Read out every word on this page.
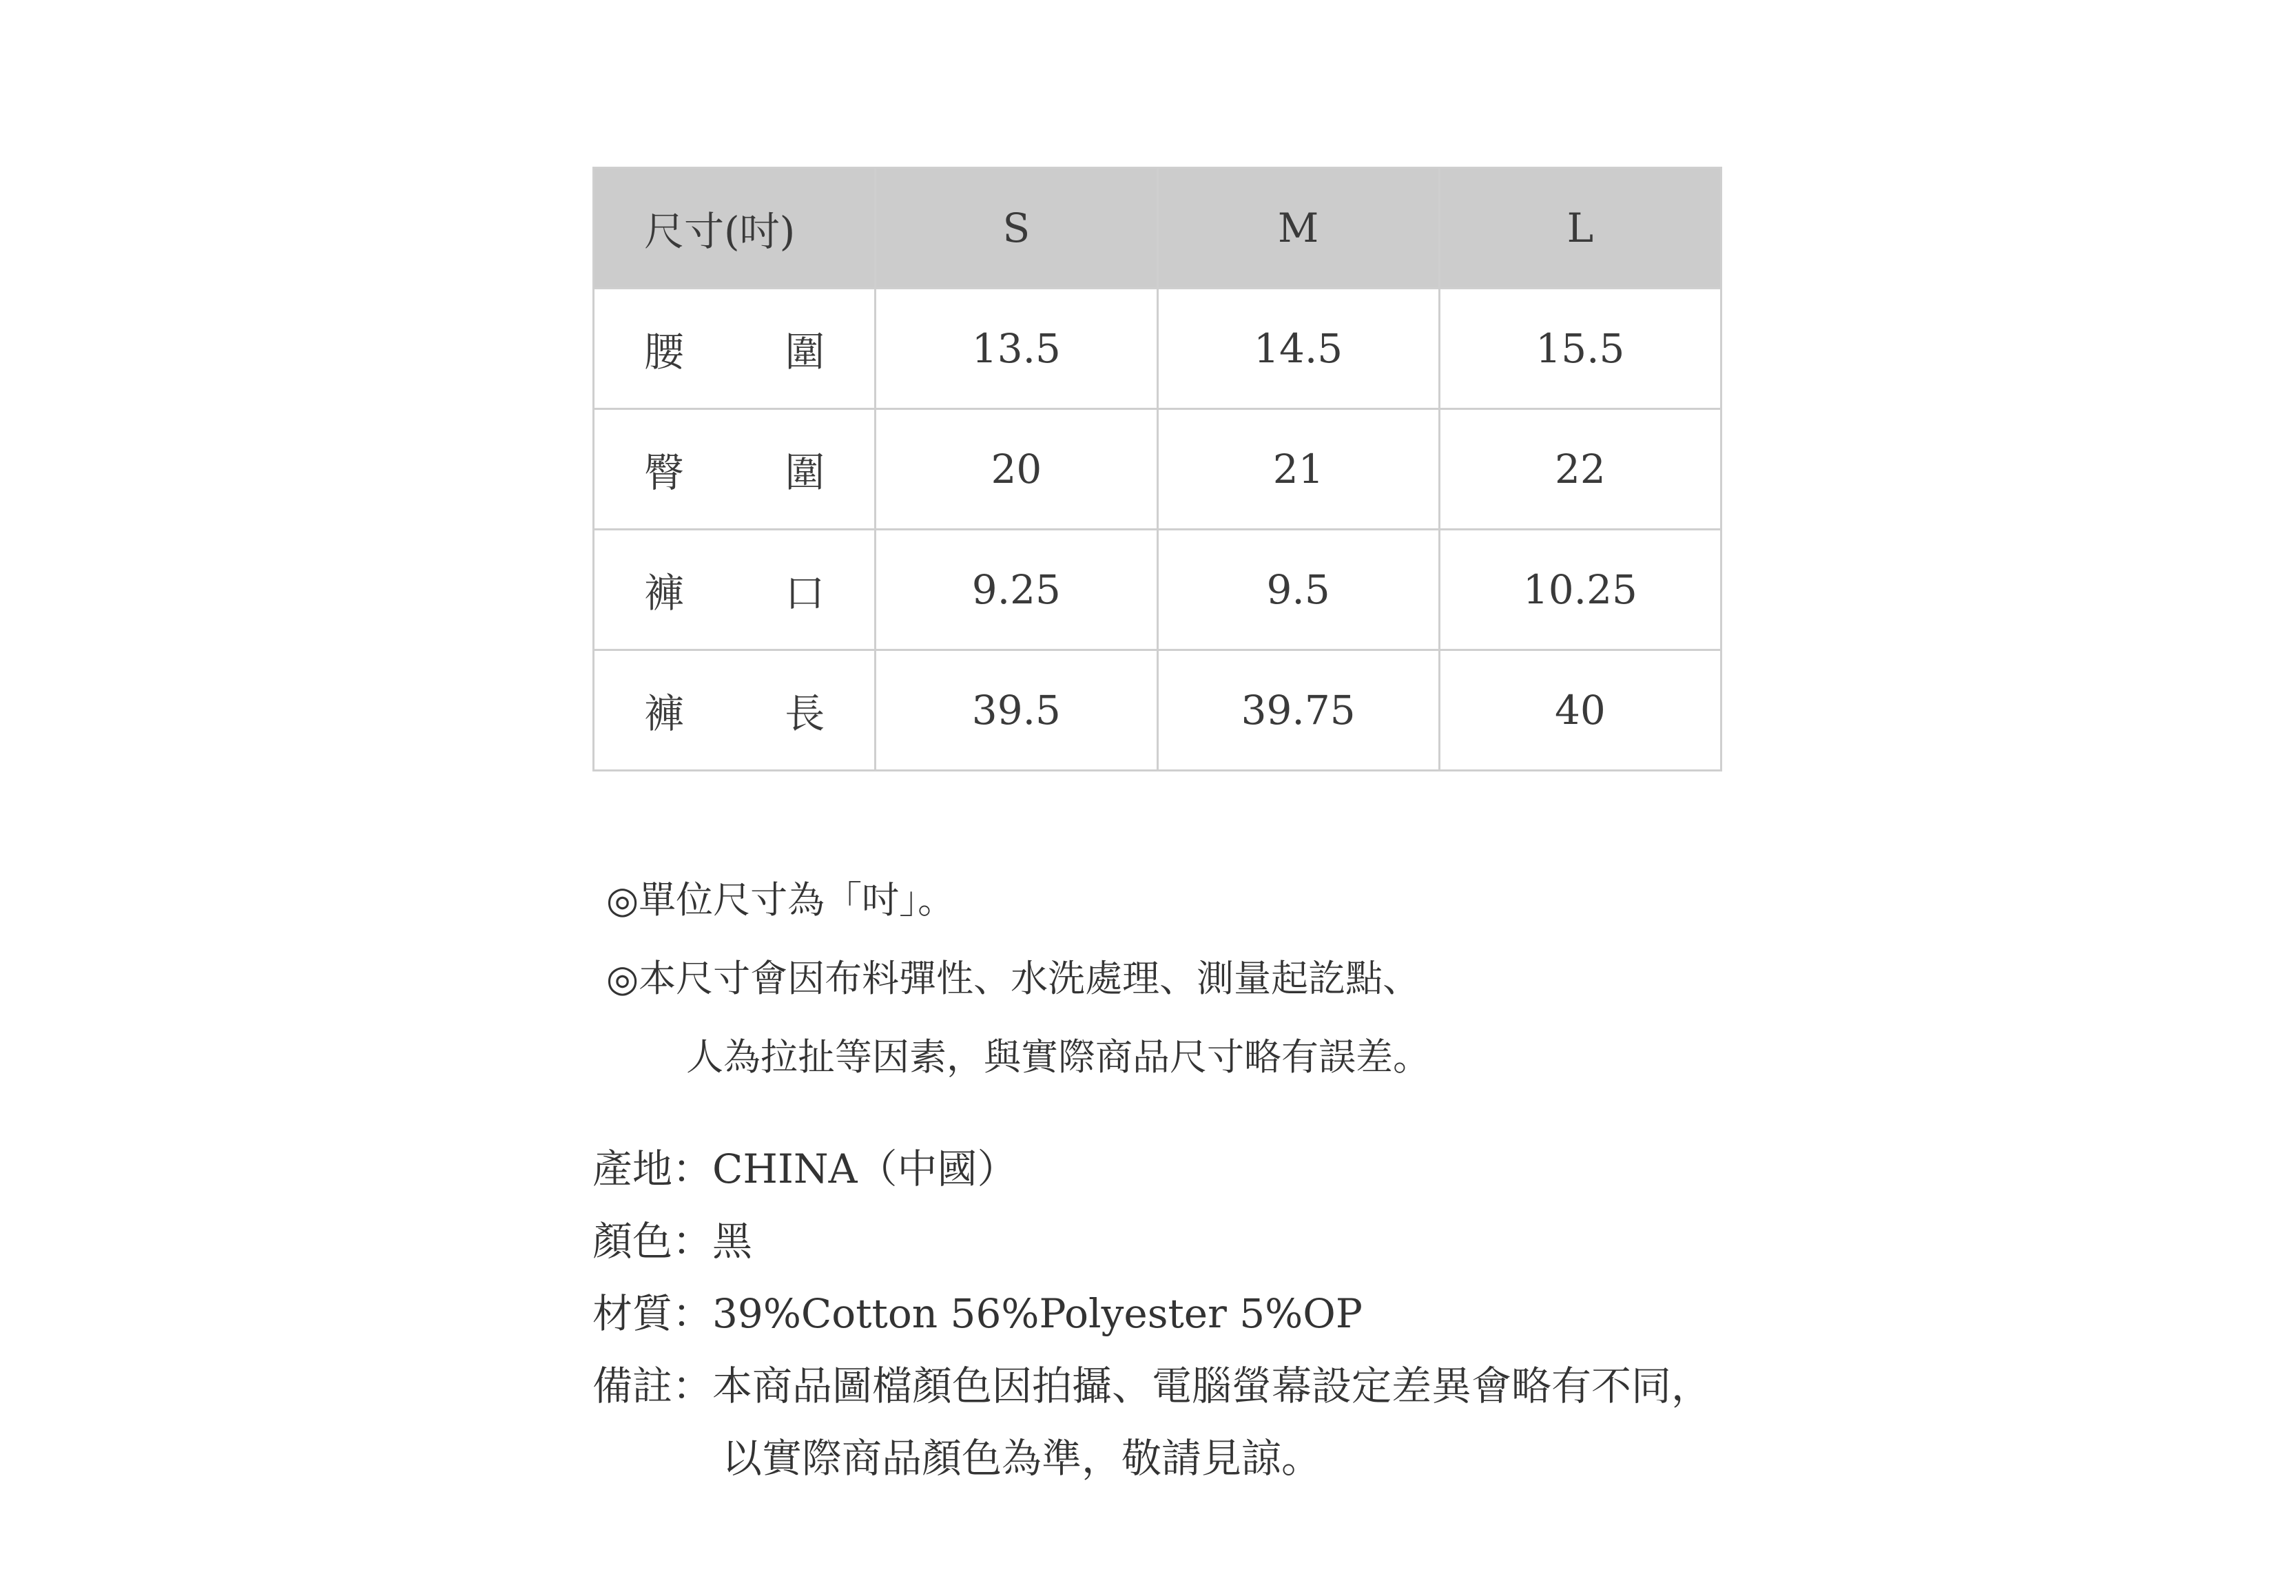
尺寸(吋)	S	M	L

腰 圍	13.5	14.5	15.5

臀 圍	20	21	22

褲 口	9.25	9.5	10.25

褲 長	39.5	39.75	40
◎單位尺寸為「吋」。
◎本尺寸會因布料彈性、水洗處理、測量起訖點、
人為拉扯等因素，與實際商品尺寸略有誤差。
產地： CHINA（中國）
顏色： 黑
材質： 39%Cotton 56%Polyester 5%OP
備註： 本商品圖檔顏色因拍攝、電腦螢幕設定差異會略有不同，
以實際商品顏色為準，敬請見諒。
